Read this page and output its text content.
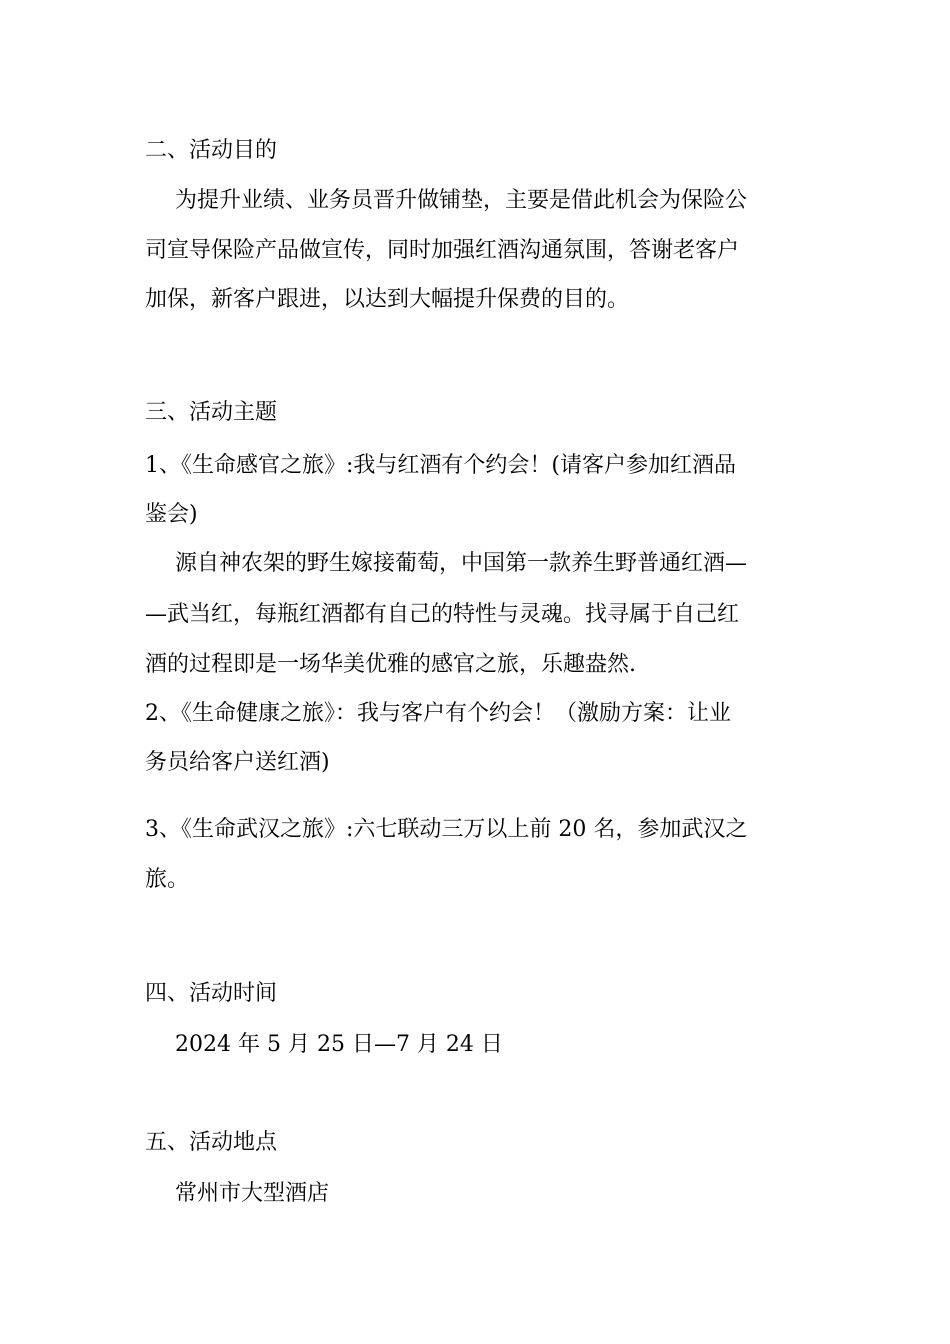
二、活动目的
为提升业绩、业务员晋升做铺垫，主要是借此机会为保险公
司宣导保险产品做宣传，同时加强红酒沟通氛围，答谢老客户
加保，新客户跟进，以达到大幅提升保费的目的。
三、活动主题
1、《生命感官之旅》:我与红酒有个约会！(请客户参加红酒品
鉴会)
源自神农架的野生嫁接葡萄，中国第一款养生野普通红酒—
—武当红，每瓶红酒都有自己的特性与灵魂。找寻属于自己红
酒的过程即是一场华美优雅的感官之旅，乐趣盎然.
2、《生命健康之旅》：我与客户有个约会！（激励方案：让业
务员给客户送红酒)
3、《生命武汉之旅》:六七联动三万以上前 20 名，参加武汉之
旅。
四、活动时间
2024 年 5 月 25 日—7 月 24 日
五、活动地点
常州市大型酒店
